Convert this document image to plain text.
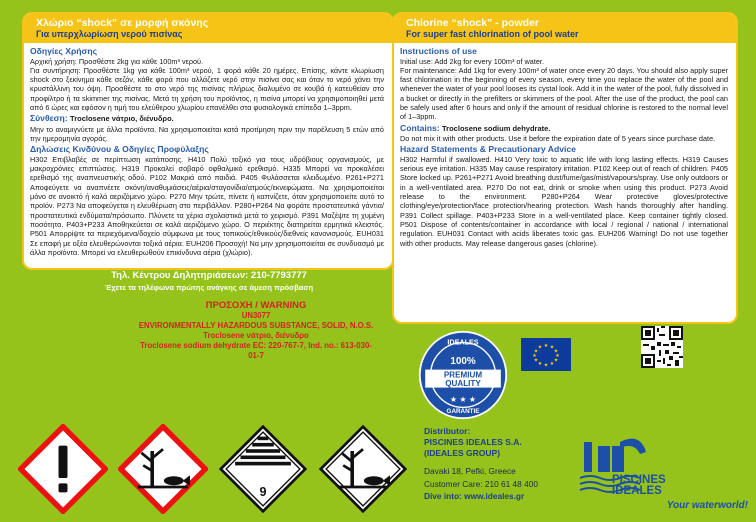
Χλώριο “shock” σε μορφή σκόνης
Για υπερχλωρίωση νερού πισίνας
Οδηγίες Χρήσης

Αρχική χρήση: Προσθέστε 2kg για κάθε 100m³ νερού.

Για συντήρηση: Προσθέστε 1kg για κάθε 100m³ νερού, 1 φορά κάθε 20 ημέρες. Επίσης, κάντε κλωρίωση shock στο ξεκίνημα κάθε σεζόν, κάθε φορά που αλλάζετε νερό στην πισίνα σας και όταν το νερό χάνει την κρυστάλλινη του όψη. Προσθέστε το στο νερό της πισίνας πλήρως διαλυμένο σε κουβά ή κατευθείαν στο προφίλτρο ή τα skimmer της πισίνας. Μετά τη χρήση του προϊόντος, η πισίνα μπορεί να χρησιμοποιηθεί μετά από 6 ώρες και εφόσον η τιμή του ελεύθερου χλωρίου επανέλθει στα φυσιολογικά επίπεδα 1–3ppm.

Σύνθεση: Troclosene νάτριο, διένυδρο.

Μην το αναμιγνύετε με άλλα προϊόντα. Να χρησιμοποιείται κατά προτίμηση πριν την παρέλευση 5 ετών από την ημερομηνία αγοράς.

Δηλώσεις Κινδύνου & Οδηγίες Προφύλαξης

H302 Επιβλαβές σε περίπτωση κατάποσης. H410 Πολύ τοξικό για τους υδρόβιους οργανισμούς, με μακροχρόνιες επιπτώσεις. H319 Προκαλεί σοβαρό οφθαλμικό ερεθισμό. H335 Μπορεί να προκαλέσει ερεθισμό της αναπνευστικής οδού. P102 Μακριά από παιδιά. P405 Φυλάσσεται κλειδωμένο. P261+P271 Αποφεύγετε να αναπνέετε σκόνη/αναθυμιάσεις/αέρια/σταγονίδια/ατμούς/εκνεφώματα. Να χρησιμοποιείται μόνο σε ανοικτό ή καλά αεριζόμενο χώρο. P270 Μην τρώτε, πίνετε ή καπνίζετε, όταν χρησιμοποιείτε αυτό το προϊόν. P273 Να αποφεύγεται η ελευθέρωση στο περιβάλλον. P280+P264 Να φοράτε προστατευτικά γάντια/προστατευτικά ενδύματα/πρόσωπο. Πλύνετε τα χέρια σχολαστικά μετά το χειρισμό. P391 Μαζέψτε τη χυμένη ποσότητα. P403+P233 Αποθηκεύεται σε καλά αεριζόμενο χώρο. Ο περιέκτης διατηρείται ερμητικά κλειστός. P501 Απορρίψτε τα περιεχόμενα/δοχείο σύμφωνα με τους τοπικούς/εθνικούς/διεθνείς κανονισμούς. EUH031 Σε επαφή με οξέα ελευθερώνονται τοξικά αέρια. EUH206 Προσοχή! Να μην χρησιμοποιείται σε συνδυασμό με άλλα προϊόντα. Μπορεί να ελευθερωθούν επικίνδυνα αέρια (χλώριο).

Τηλ. Κέντρου Δηλητηριάσεων: 210-7793777
Έχετε τα τηλέφωνα πρώτης ανάγκης σε άμεση πρόσβαση
Chlorine “shock” - powder
For super fast chlorination of pool water
Instructions of use

Initial use: Add 2kg for every 100m³ of water.

For maintenance: Add 1kg for every 100m³ of water once every 20 days. You should also apply super fast chlorination in the beginning of every season, every time you replace the water of the pool and whenever the water of your pool looses its cystal look. Add it in the water of the pool, fully dissolved in a bucket or directly in the prefilters or skimmers of the pool. After the use of the product, the pool can be safely used after 6 hours and only if the amount of residual chlorine is restored to the normal level of 1–3ppm.

Contains: Troclosene sodium dehydrate.

Do not mix it with other products. Use it before the expiration date of 5 years since purchase date.

Hazard Statements & Precautionary Advice

H302 Harmful if swallowed. H410 Very toxic to aquatic life with long lasting effects. H319 Causes serious eye irritation. H335 May cause respiratory irritation. P102 Keep out of reach of children. P405 Store locked up. P261+P271 Avoid breathing dust/fume/gas/mist/vapours/spray. Use only outdoors or in a well-ventilated area. P270 Do not eat, drink or smoke when using this product. P273 Avoid release to the environment. P280+P264 Wear protective gloves/protective clothing/eye/protection/face protection/hearing protection. Wash hands thoroughly after handling. P391 Collect spillage. P403+P233 Store in a well-ventilated place. Keep container tightly closed. P501 Dispose of contents/container in accordance with local / regional / national / international regulation. EUH031 Contact with acids liberates toxic gas. EUH206 Warning! Do not use together with other products. May release dangerous gases (chlorine).

ΠΡΟΣΟΧΗ / WARNING
UN3077
ENVIRONMENTALLY HAZARDOUS SUBSTANCE, SOLID, N.O.S.
Troclosene νάτριο, διένυδρο
Troclosene sodium dehydrate EC: 220-767-7, Ind. no.: 613-030-01-7
9
IDEALES
100%
PREMIUM
QUALITY
★ ★ ★
GARANTIE
★ ★
★
★
★
★
★
★
★
★
★
★
Distributor:
PISCINES IDEALES S.A.
(IDEALES GROUP)
Davaki 18, Pefki, Greece
Customer Care: 210 61 48 400
Dive into: www.ideales.gr
PISCINES
IDEALES
Your waterworld!
